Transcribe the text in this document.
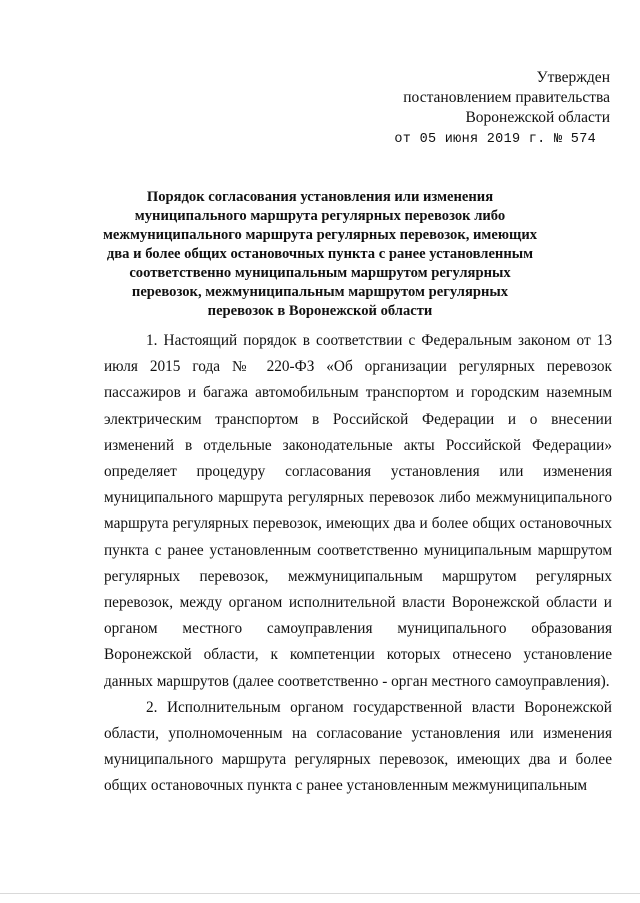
Утвержден
постановлением правительства
Воронежской области
от 05 июня 2019 г. № 574
Порядок согласования установления или изменения муниципального маршрута регулярных перевозок либо межмуниципального маршрута регулярных перевозок, имеющих два и более общих остановочных пункта с ранее установленным соответственно муниципальным маршрутом регулярных перевозок, межмуниципальным маршрутом регулярных перевозок в Воронежской области

1. Настоящий порядок в соответствии с Федеральным законом от 13 июля 2015 года № 220-ФЗ «Об организации регулярных перевозок пассажиров и багажа автомобильным транспортом и городским наземным электрическим транспортом в Российской Федерации и о внесении изменений в отдельные законодательные акты Российской Федерации» определяет процедуру согласования установления или изменения муниципального маршрута регулярных перевозок либо межмуниципального маршрута регулярных перевозок, имеющих два и более общих остановочных пункта с ранее установленным соответственно муниципальным маршрутом регулярных перевозок, межмуниципальным маршрутом регулярных перевозок, между органом исполнительной власти Воронежской области и органом местного самоуправления муниципального образования Воронежской области, к компетенции которых отнесено установление данных маршрутов (далее соответственно - орган местного самоуправления).

2. Исполнительным органом государственной власти Воронежской области, уполномоченным на согласование установления или изменения муниципального маршрута регулярных перевозок, имеющих два и более общих остановочных пункта с ранее установленным межмуниципальным
